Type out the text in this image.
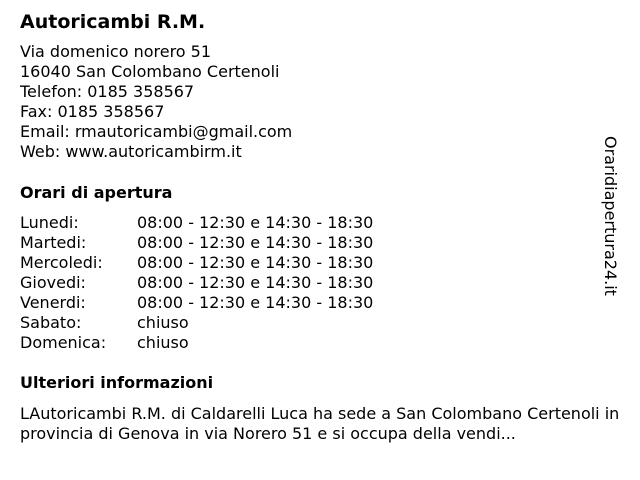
Autoricambi R.M.
Via domenico norero 51
16040 San Colombano Certenoli
Telefon: 0185 358567
Fax: 0185 358567
Email: rmautoricambi@gmail.com
Web: www.autoricambirm.it
Orari di apertura
Lunedi:	08:00 - 12:30 e 14:30 - 18:30
Martedi:	08:00 - 12:30 e 14:30 - 18:30
Mercoledi:	08:00 - 12:30 e 14:30 - 18:30
Giovedi:	08:00 - 12:30 e 14:30 - 18:30
Venerdi:	08:00 - 12:30 e 14:30 - 18:30
Sabato:	chiuso
Domenica:	chiuso
Ulteriori informazioni
LAutoricambi R.M. di Caldarelli Luca ha sede a San Colombano Certenoli in provincia di Genova in via Norero 51 e si occupa della vendi...
Oraridiapertura24.it
